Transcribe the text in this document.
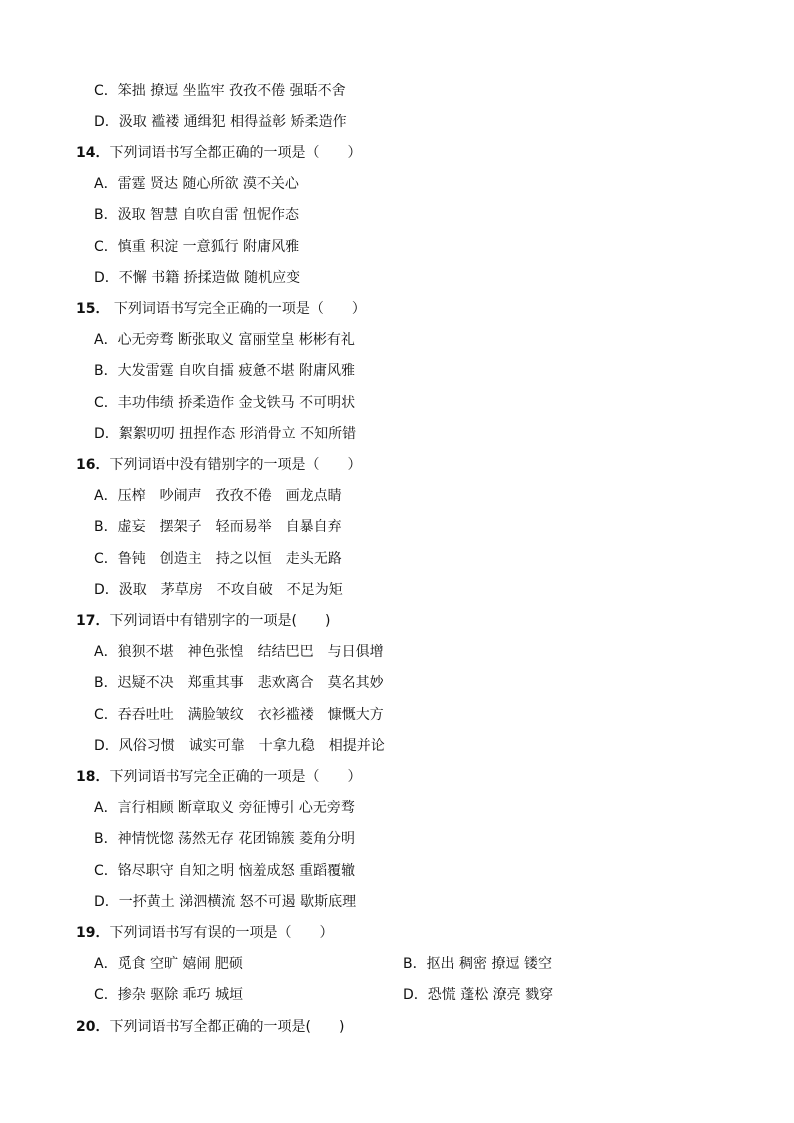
C．笨拙 撩逗 坐监牢 孜孜不倦 强聒不舍
D．汲取 褴褛 通缉犯 相得益彰 矫柔造作
14．下列词语书写全都正确的一项是（　　）
A．雷霆 贤达 随心所欲 漠不关心
B．汲取 智慧 自吹自雷 忸怩作态
C．慎重 积淀 一意狐行 附庸风雅
D．不懈 书籍 挢揉造做 随机应变
15． 下列词语书写完全正确的一项是（　　）
A．心无旁骛 断张取义 富丽堂皇 彬彬有礼
B．大发雷霆 自吹自擂 疲惫不堪 附庸风雅
C．丰功伟绩 挢柔造作 金戈铁马 不可明状
D．絮絮叨叨 扭捏作态 形消骨立 不知所错
16．下列词语中没有错别字的一项是（　　）
A．压榨　吵闹声　孜孜不倦　画龙点睛
B．虚妄　摆架子　轻而易举　自暴自弃
C．鲁钝　创造主　持之以恒　走头无路
D．汲取　茅草房　不攻自破　不足为矩
17．下列词语中有错别字的一项是(　　)
A．狼狈不堪　神色张惶　结结巴巴　与日俱增
B．迟疑不决　郑重其事　悲欢离合　莫名其妙
C．吞吞吐吐　满脸皱纹　衣衫褴褛　慷慨大方
D．风俗习惯　诚实可靠　十拿九稳　相提并论
18．下列词语书写完全正确的一项是（　　）
A．言行相顾 断章取义 旁征博引 心无旁骛
B．神情恍惚 荡然无存 花团锦簇 菱角分明
C．铬尽职守 自知之明 恼羞成怒 重蹈覆辙
D．一抔黄土 涕泗横流 怒不可遏 歇斯底理
19．下列词语书写有误的一项是（　　）
A．觅食 空旷 嬉闹 肥硕	B．抠出 稠密 撩逗 镂空
C．掺杂 驱除 乖巧 城垣	D．恐慌 蓬松 潦亮 戮穿
20．下列词语书写全都正确的一项是(　　)
